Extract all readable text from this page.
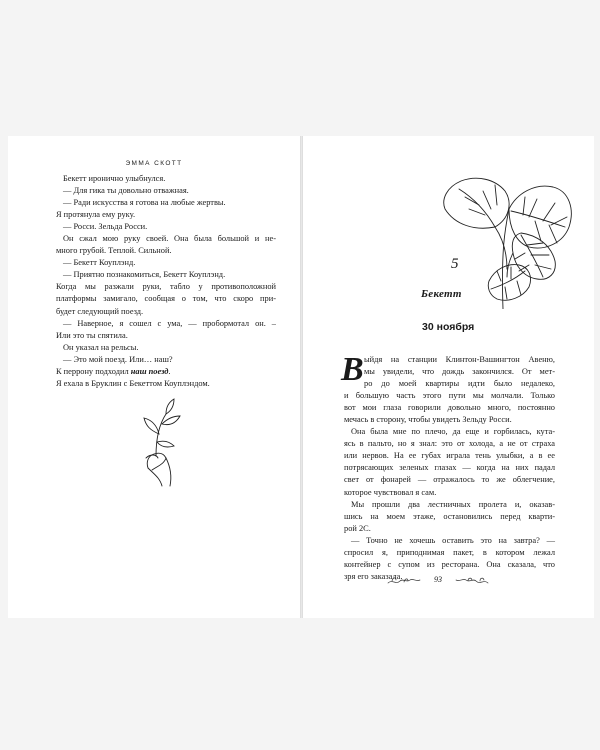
ЭММА СКОТТ
Бекетт иронично улыбнулся.
— Для гика ты довольно отважная.
— Ради искусства я готова на любые жертвы.
Я протянула ему руку.
— Росси. Зельда Росси.
Он сжал мою руку своей. Она была большой и не-
много грубой. Теплой. Сильной.
— Бекетт Коуплэнд.
— Приятно познакомиться, Бекетт Коуплэнд.
Когда мы разжали руки, табло у противоположной
платформы замигало, сообщая о том, что скоро при-
будет следующий поезд.
— Наверное, я сошел с ума, — пробормотал он. –
Или это ты спятила.
Он указал на рельсы.
— Это мой поезд. Или… наш?
К перрону подходил наш поезд.
Я ехала в Бруклин с Бекеттом Коуплэндом.
5
Бекетт
30 ноября
В ыйдя на станции Клинтон-Вашингтон Авеню,
мы увидели, что дождь закончился. От мет-
ро до моей квартиры идти было недалеко,
и большую часть этого пути мы молчали. Только
вот мои глаза говорили довольно много, постоянно
мечась в сторону, чтобы увидеть Зельду Росси.
Она была мне по плечо, да еще и горбилась, кута-
ясь в пальто, но я знал: это от холода, а не от страха
или нервов. На ее губах играла тень улыбки, а в ее
потрясающих зеленых глазах — когда на них падал
свет от фонарей — отражалось то же облегчение,
которое чувствовал я сам.
Мы прошли два лестничных пролета и, оказав-
шись на моем этаже, остановились перед кварти-
рой 2С.
— Точно не хочешь оставить это на завтра? —
спросил я, приподнимая пакет, в котором лежал
контейнер с супом из ресторана. Она сказала, что
зря его заказала.	93
